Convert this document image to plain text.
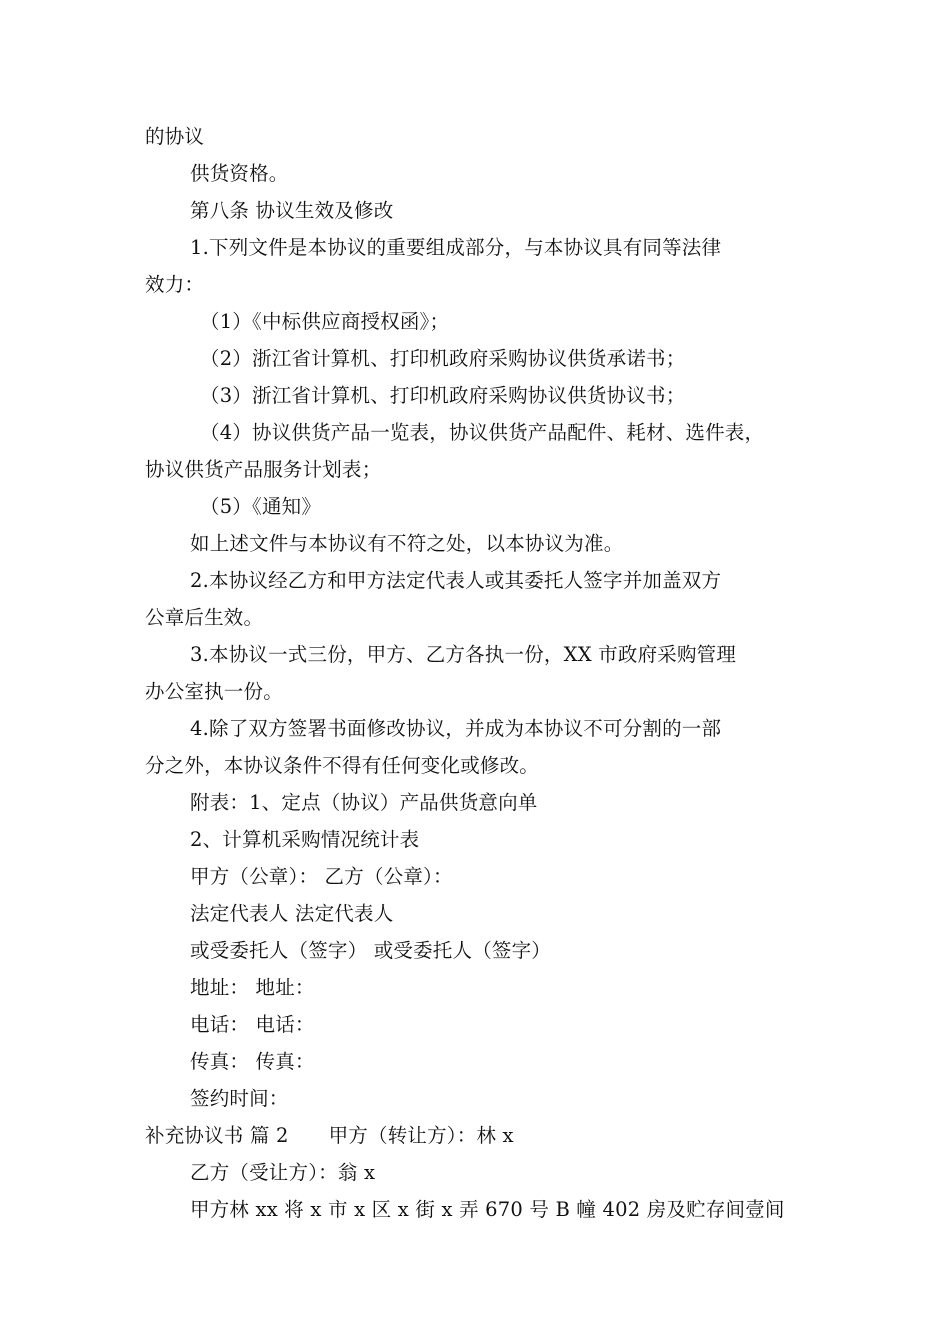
的协议
供货资格。
第八条 协议生效及修改
1.下列文件是本协议的重要组成部分，与本协议具有同等法律
效力：
（1）《中标供应商授权函》；
（2）浙江省计算机、打印机政府采购协议供货承诺书；
（3）浙江省计算机、打印机政府采购协议供货协议书；
（4）协议供货产品一览表，协议供货产品配件、耗材、选件表，
协议供货产品服务计划表；
（5）《通知》
如上述文件与本协议有不符之处，以本协议为准。
2.本协议经乙方和甲方法定代表人或其委托人签字并加盖双方
公章后生效。
3.本协议一式三份，甲方、乙方各执一份，XX 市政府采购管理
办公室执一份。
4.除了双方签署书面修改协议，并成为本协议不可分割的一部
分之外，本协议条件不得有任何变化或修改。
附表：1、定点（协议）产品供货意向单
2、计算机采购情况统计表
甲方（公章）： 乙方（公章）：
法定代表人 法定代表人
或受委托人（签字） 或受委托人（签字）
地址： 地址：
电话： 电话：
传真： 传真：
签约时间：
补充协议书 篇 2 甲方（转让方）：林 x
乙方（受让方）：翁 x
甲方林 xx 将 x 市 x 区 x 街 x 弄 670 号 B 幢 402 房及贮存间壹间
